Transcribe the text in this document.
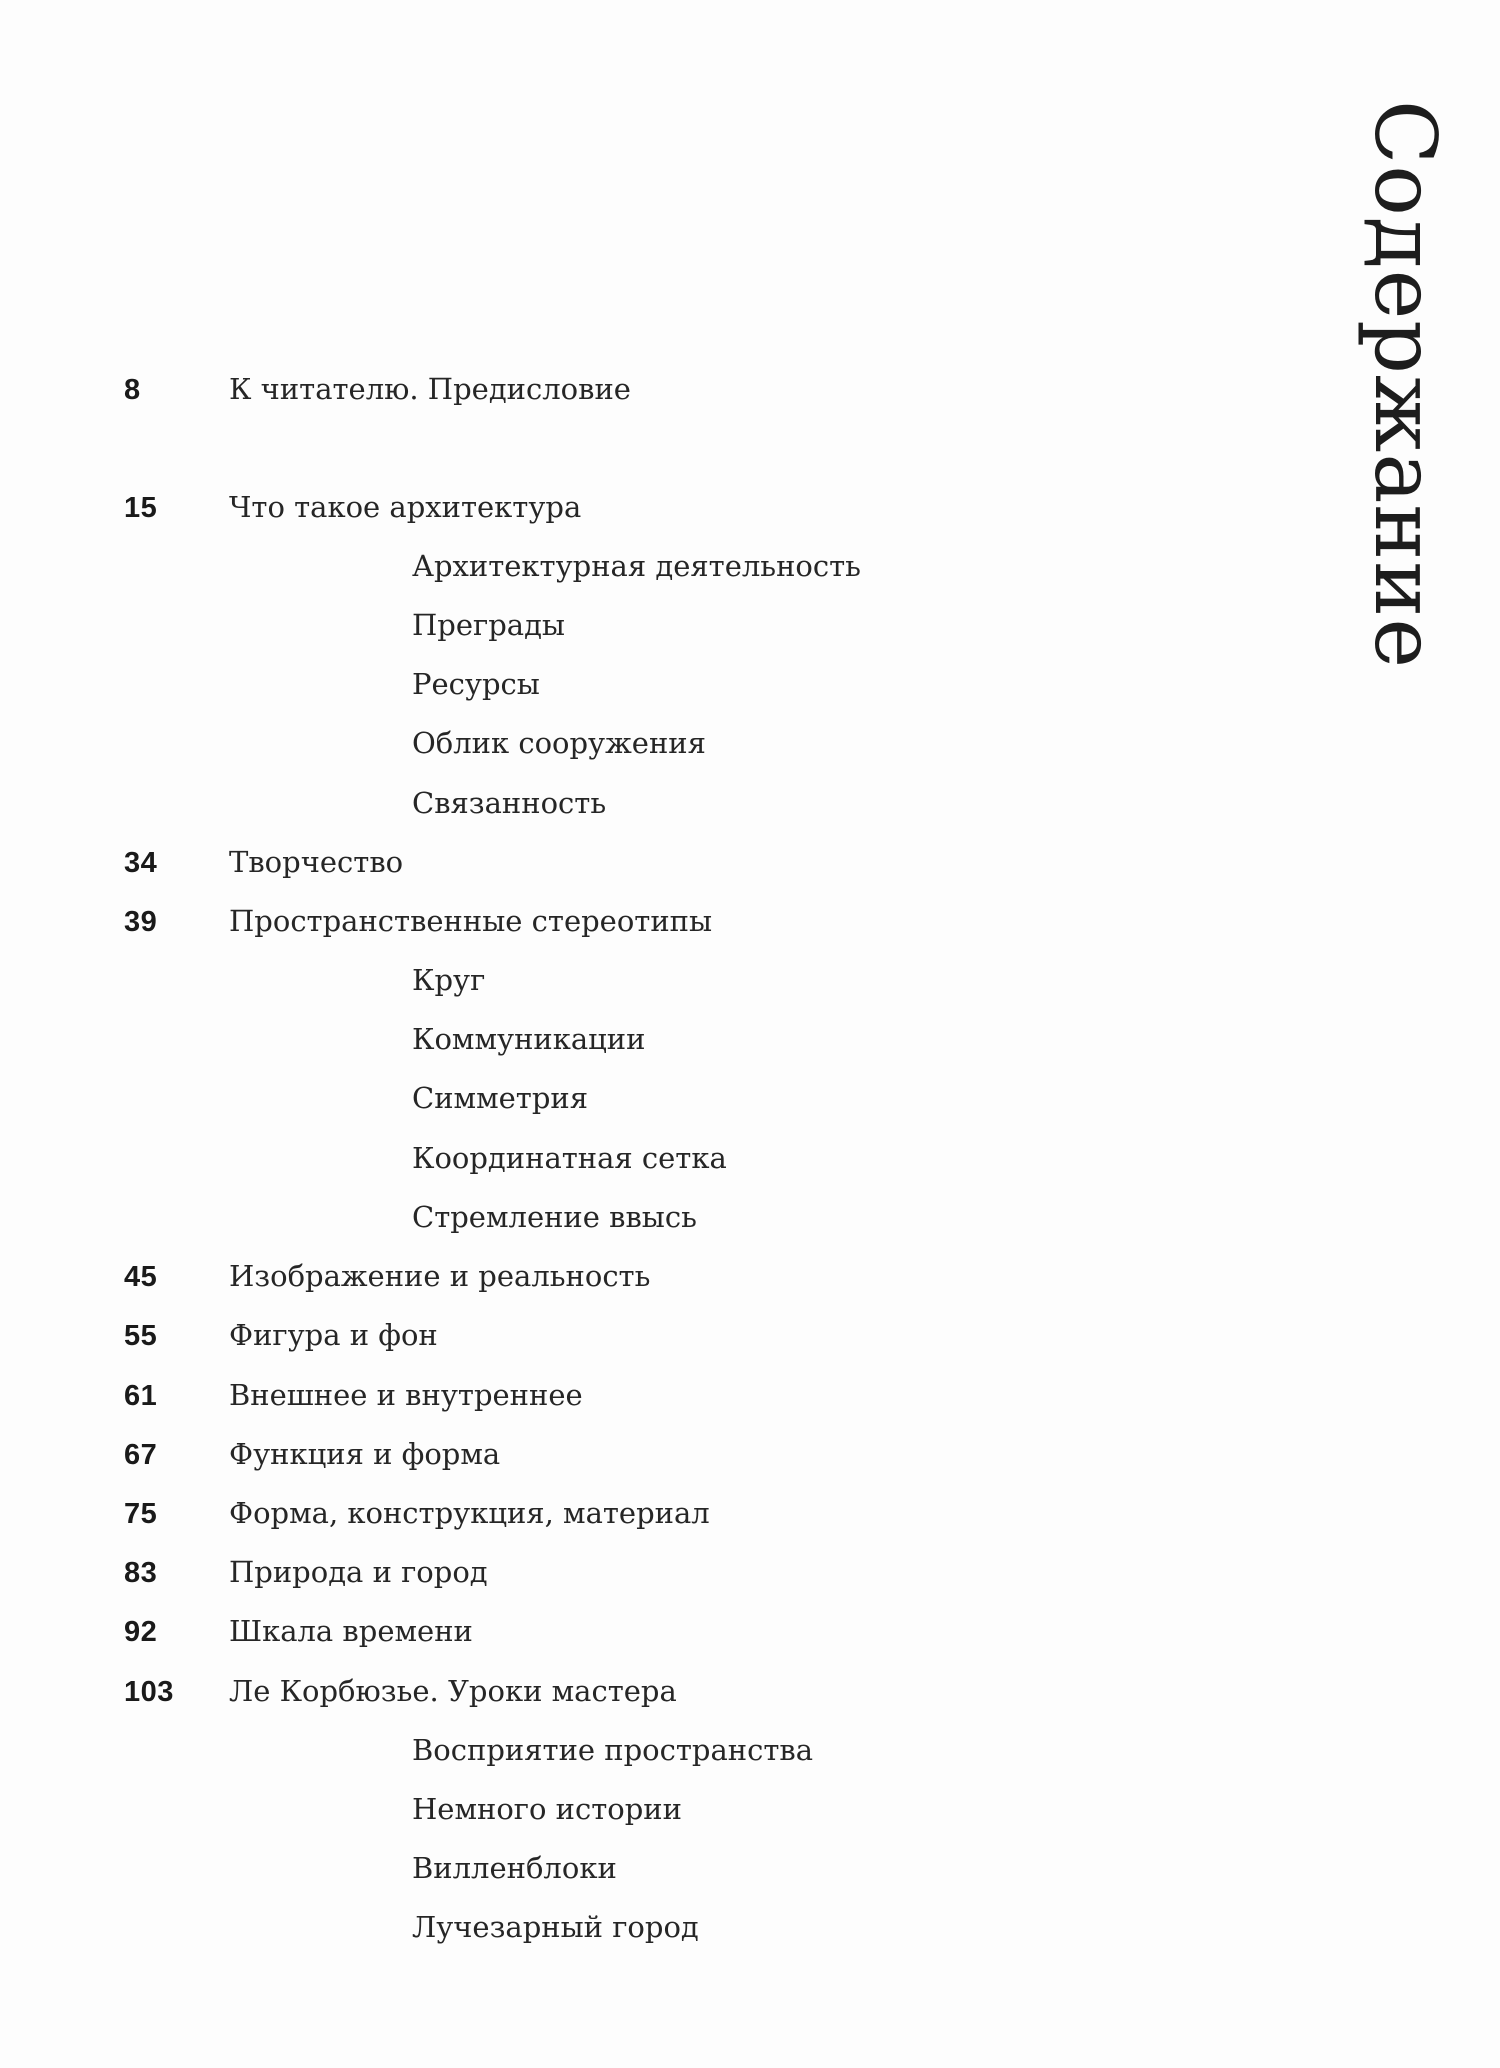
Содержание
8	К читателю. Предисловие
15 Что такое архитектура
Архитектурная деятельность
Преграды
Ресурсы
Облик сооружения
Связанность
34 Творчество
39 Пространственные стереотипы
Круг
Коммуникации
Симметрия
Координатная сетка
Стремление ввысь
45 Изображение и реальность
55 Фигура и фон
61 Внешнее и внутреннее
67 Функция и форма
75 Форма, конструкция, материал
83 Природа и город
92 Шкала времени
103 Ле Корбюзье. Уроки мастера
Восприятие пространства
Немного истории
Вилленблоки
Лучезарный город
